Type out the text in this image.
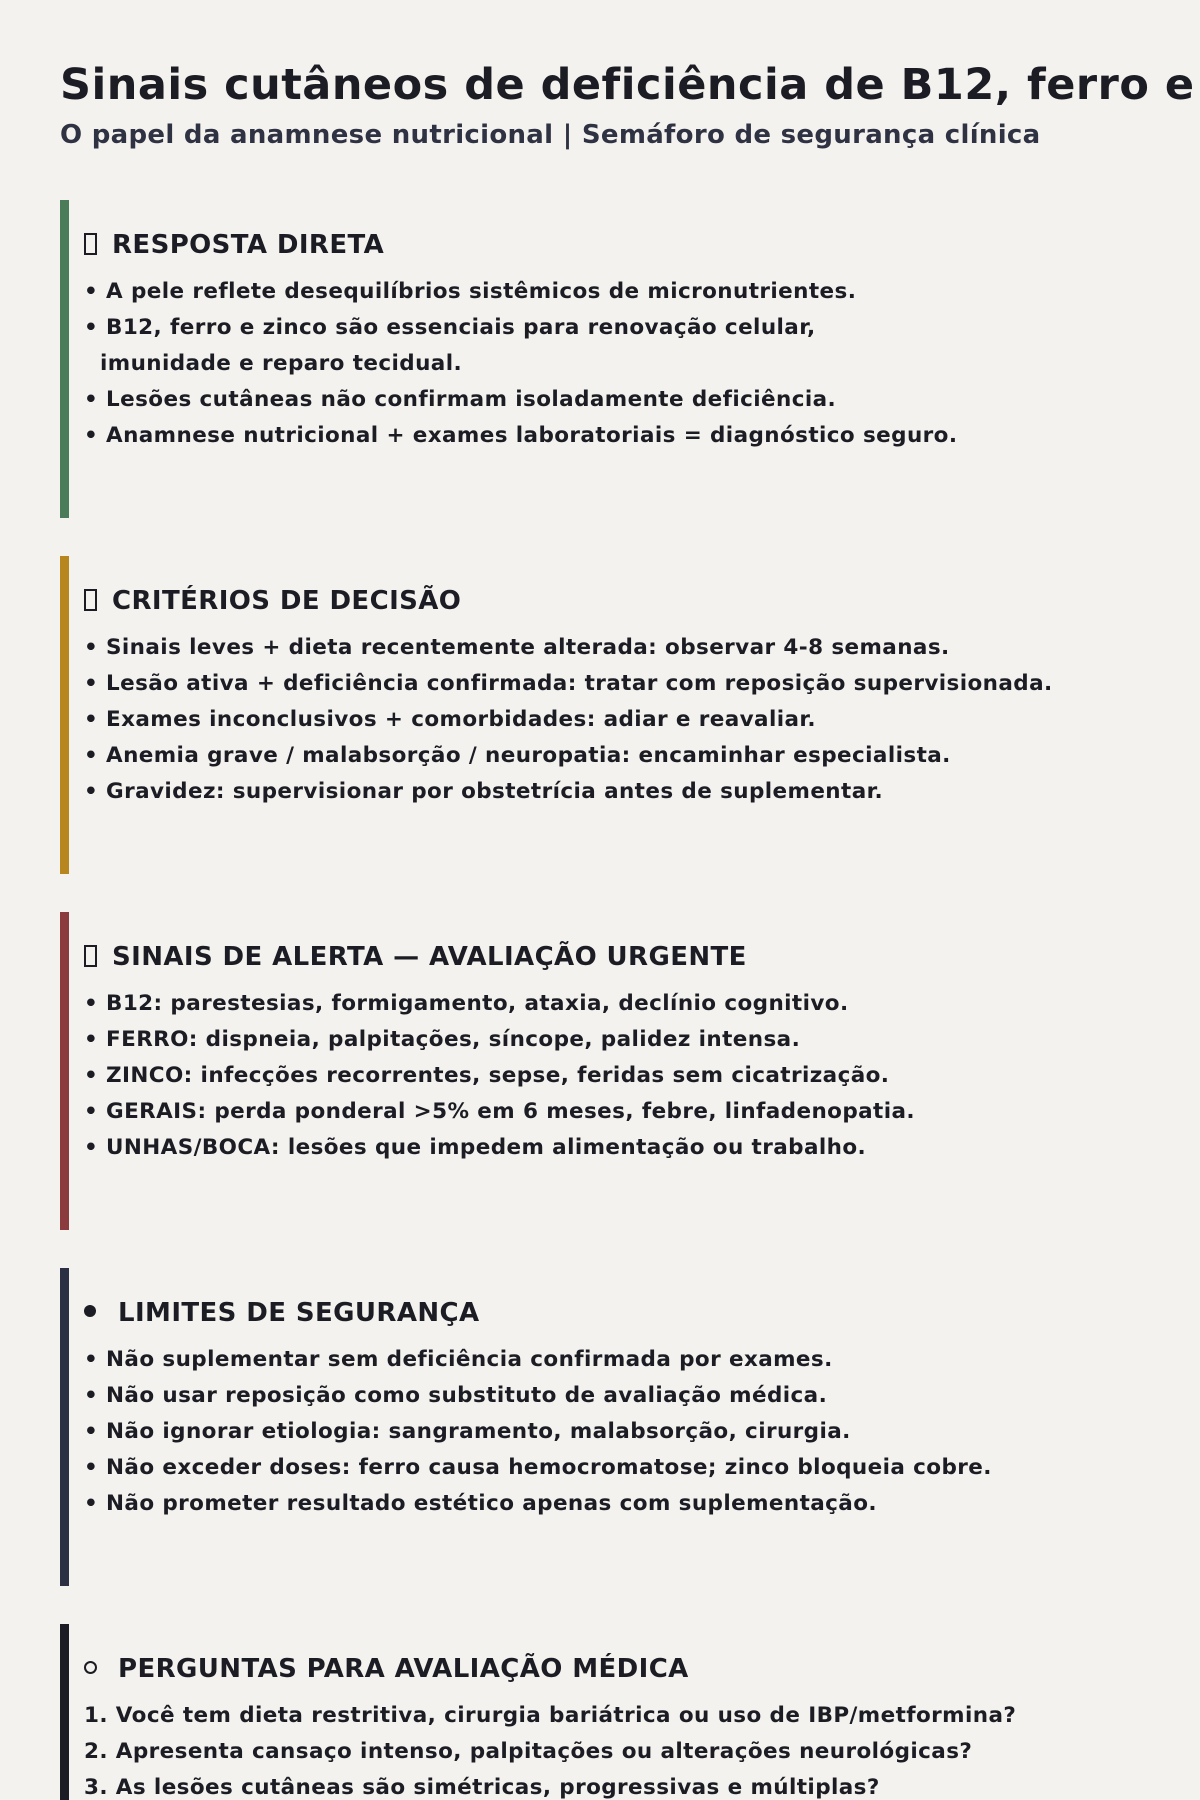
Sinais cutâneos de deficiência de B12, ferro e
O papel da anamnese nutricional | Semáforo de segurança clínica
RESPOSTA DIRETA
• A pele reflete desequilíbrios sistêmicos de micronutrientes.
• B12, ferro e zinco são essenciais para renovação celular,
imunidade e reparo tecidual.
• Lesões cutâneas não confirmam isoladamente deficiência.
• Anamnese nutricional + exames laboratoriais = diagnóstico seguro.
CRITÉRIOS DE DECISÃO
• Sinais leves + dieta recentemente alterada: observar 4-8 semanas.
• Lesão ativa + deficiência confirmada: tratar com reposição supervisionada.
• Exames inconclusivos + comorbidades: adiar e reavaliar.
• Anemia grave / malabsorção / neuropatia: encaminhar especialista.
• Gravidez: supervisionar por obstetrícia antes de suplementar.
SINAIS DE ALERTA — AVALIAÇÃO URGENTE
• B12: parestesias, formigamento, ataxia, declínio cognitivo.
• FERRO: dispneia, palpitações, síncope, palidez intensa.
• ZINCO: infecções recorrentes, sepse, feridas sem cicatrização.
• GERAIS: perda ponderal >5% em 6 meses, febre, linfadenopatia.
• UNHAS/BOCA: lesões que impedem alimentação ou trabalho.
LIMITES DE SEGURANÇA
• Não suplementar sem deficiência confirmada por exames.
• Não usar reposição como substituto de avaliação médica.
• Não ignorar etiologia: sangramento, malabsorção, cirurgia.
• Não exceder doses: ferro causa hemocromatose; zinco bloqueia cobre.
• Não prometer resultado estético apenas com suplementação.
PERGUNTAS PARA AVALIAÇÃO MÉDICA
1. Você tem dieta restritiva, cirurgia bariátrica ou uso de IBP/metformina?
2. Apresenta cansaço intenso, palpitações ou alterações neurológicas?
3. As lesões cutâneas são simétricas, progressivas e múltiplas?
